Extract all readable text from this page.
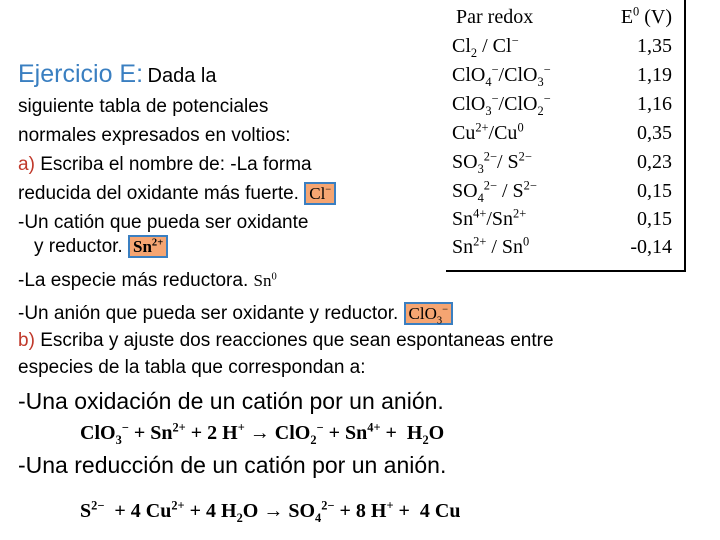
Par redox	$E^0$ (V)
$Cl_2 / Cl^-$	1,35
ClO$_4$−/ClO$_3$−	1,19
ClO$_3$−/ClO$_2$−	1,16
$Cu^{2+}/Cu^0$	0,35
$SO_3^{2-}/$ $S^{2-}$	0,23
$SO_4^{2-} / S^{2-}$	0,15
$Sn^{4+}/Sn^{2+}$	0,15
$Sn^{2+} / Sn^0$	-0,14
Ejercicio E: Dada la
siguiente tabla de potenciales
normales expresados en voltios:
a) Escriba el nombre de: -La forma
reducida del oxidante más fuerte. Cl−
-Un catión que pueda ser oxidante
y reductor. $Sn^{2+}$
-La especie más reductora. Sn$^0$
-Un anión que pueda ser oxidante y reductor. ClO$_3$−
b) Escriba y ajuste dos reacciones que sean espontaneas entre
especies de la tabla que correspondan a:
-Una oxidación de un catión por un anión.
$ClO_3^- + Sn^{2+} + 2$ $H^+ \to ClO_2^- + Sn^{4+} + H_2O$
-Una reducción de un catión por un anión.
$S^{2-} + 4$ $Cu^{2+} + 4$ $H_2O \to SO_4^{2-} + 8$ H+ +  4 Cu
